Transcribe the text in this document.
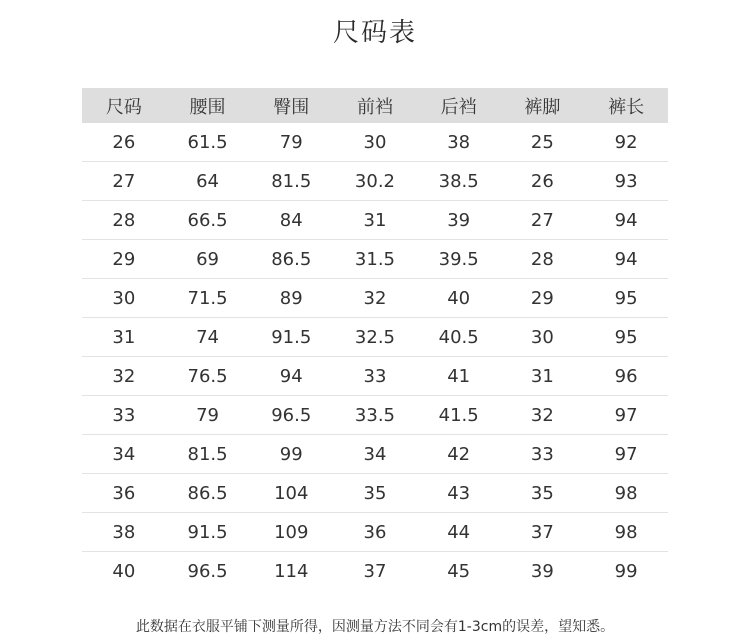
尺码表
尺码	腰围	臀围	前裆	后裆	裤脚	裤长
26	61.5	79	30	38	25	92
27	64	81.5	30.2	38.5	26	93
28	66.5	84	31	39	27	94
29	69	86.5	31.5	39.5	28	94
30	71.5	89	32	40	29	95
31	74	91.5	32.5	40.5	30	95
32	76.5	94	33	41	31	96
33	79	96.5	33.5	41.5	32	97
34	81.5	99	34	42	33	97
36	86.5	104	35	43	35	98
38	91.5	109	36	44	37	98
40	96.5	114	37	45	39	99
此数据在衣服平铺下测量所得，因测量方法不同会有1-3cm的误差，望知悉。
